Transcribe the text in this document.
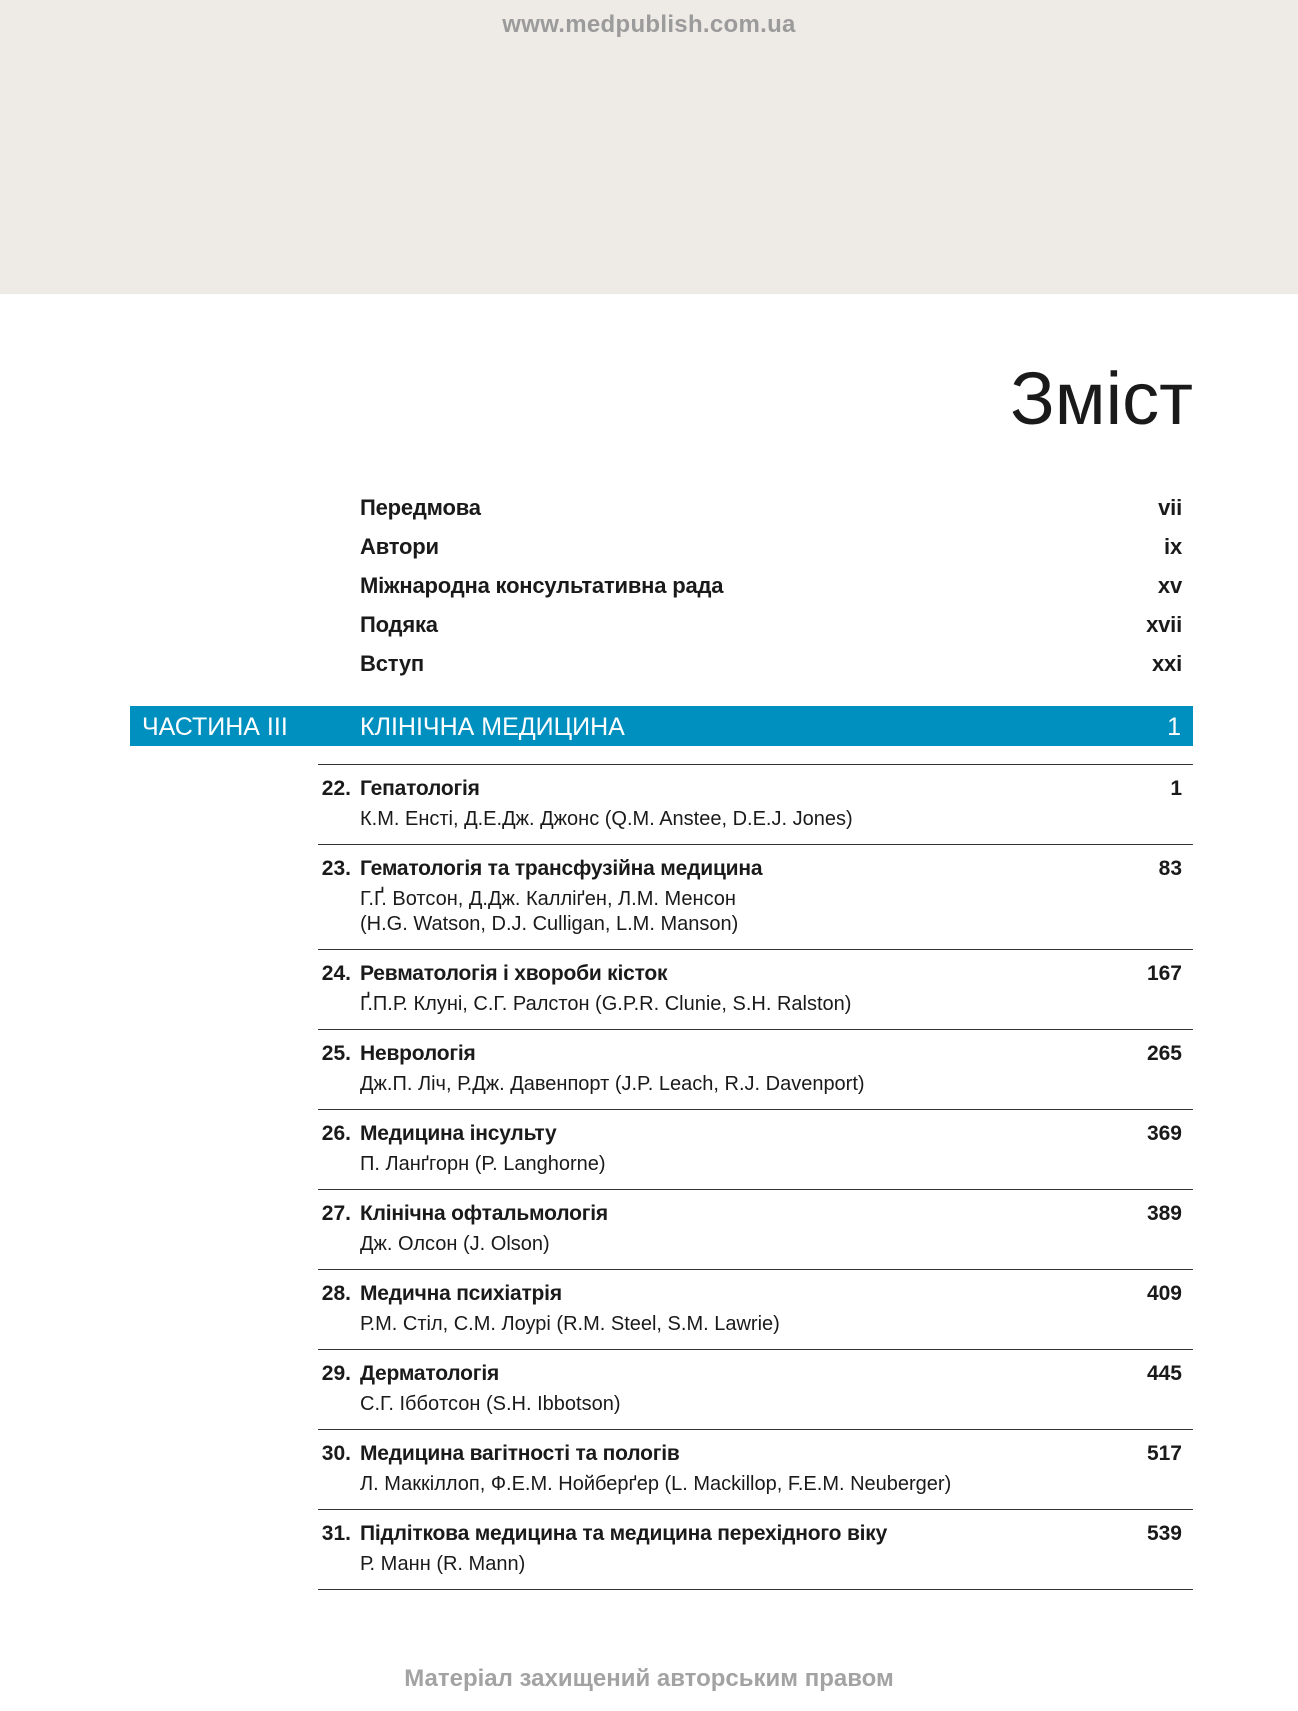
www.medpublish.com.ua
Зміст
Передмова	vii
Автори	ix
Міжнародна консультативна рада	xv
Подяка	xvii
Вступ	xxi
ЧАСТИНА ІІІ	КЛІНІЧНА МЕДИЦИНА	1
22. Гепатологія	1
К.М. Енсті, Д.Е.Дж. Джонс (Q.M. Anstee, D.E.J. Jones)
23. Гематологія та трансфузійна медицина	83
Г.Ґ. Вотсон, Д.Дж. Калліґен, Л.М. Менсон
(H.G. Watson, D.J. Culligan, L.M. Manson)
24. Ревматологія і хвороби кісток	167
Ґ.П.Р. Клуні, С.Г. Ралстон (G.P.R. Clunie, S.H. Ralston)
25. Неврологія	265
Дж.П. Ліч, Р.Дж. Давенпорт (J.P. Leach, R.J. Davenport)
26. Медицина інсульту	369
П. Ланґгорн (P. Langhorne)
27. Клінічна офтальмологія	389
Дж. Олсон (J. Olson)
28. Медична психіатрія	409
Р.М. Стіл, С.М. Лоурі (R.M. Steel, S.M. Lawrie)
29. Дерматологія	445
С.Г. Іббoтсон (S.H. Ibbotson)
30. Медицина вагітності та пологів	517
Л. Маккіллоп, Ф.Е.М. Нойберґер (L. Mackillop, F.E.M. Neuberger)
31. Підліткова медицина та медицина перехідного віку	539
Р. Манн (R. Mann)
Матеріал захищений авторським правом
